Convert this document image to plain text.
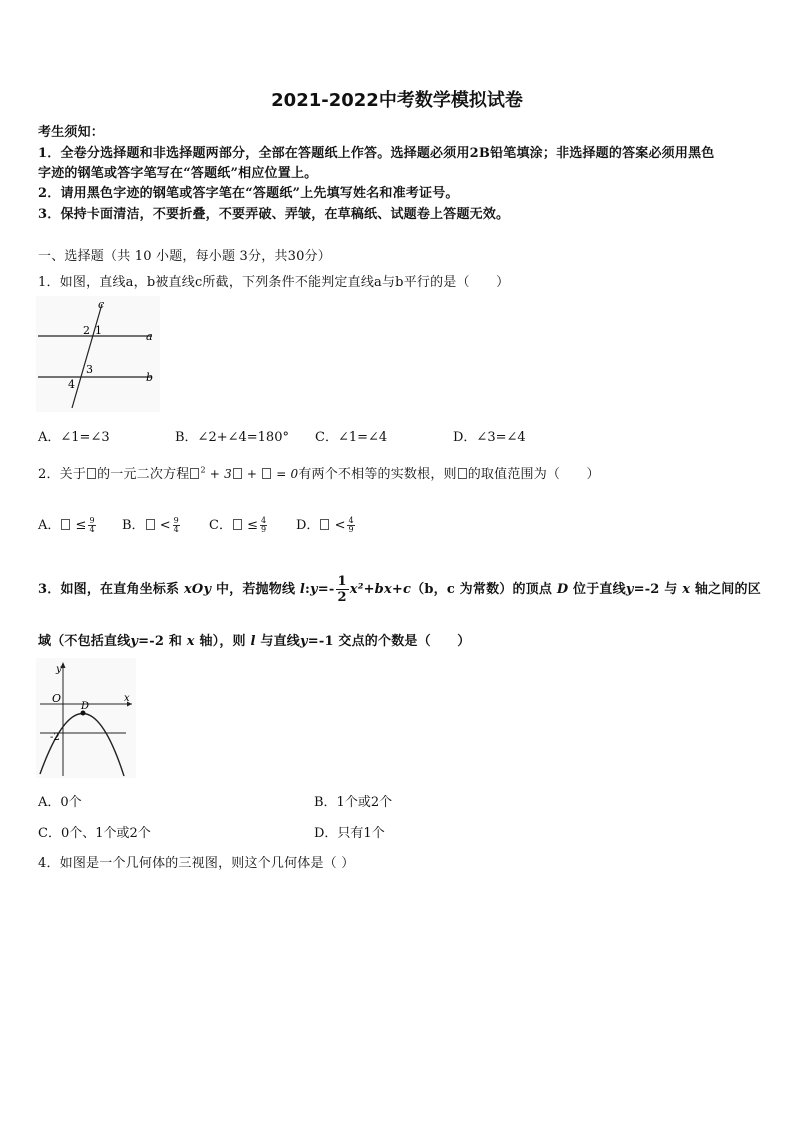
2021-2022中考数学模拟试卷
考生须知：
1．全卷分选择题和非选择题两部分，全部在答题纸上作答。选择题必须用2B铅笔填涂；非选择题的答案必须用黑色
字迹的钢笔或答字笔写在“答题纸”相应位置上。
2．请用黑色字迹的钢笔或答字笔在“答题纸”上先填写姓名和准考证号。
3．保持卡面清洁，不要折叠，不要弄破、弄皱，在草稿纸、试题卷上答题无效。
一、选择题（共 10 小题，每小题 3分，共30分）
1．如图，直线a，b被直线c所截，下列条件不能判定直线a与b平行的是（　　）
c
a
b
1
2
3
4
A．∠1=∠3	B．∠2+∠4=180° C．∠1=∠4	D．∠3=∠4
2．关于 的一元二次方程 $^2$ + 3 +  = 0有两个不相等的实数根，则 的取值范围为（　　）
A． ≤ $\frac{9}{4}$ B． < $\frac{9}{4}$ C． ≤ $\frac{4}{9}$ D． < $\frac{4}{9}$
3．如图，在直角坐标系 xOy 中，若抛物线 l:y=- $\frac{1}{2} x^2+bx+c(b$，c 为常数）的顶点 D 位于直线y=-2 与 x 轴之间的区
域（不包括直线y=-2 和 x 轴），则 l 与直线y=-1 交点的个数是（　　）
y
x
O
D
-2
A．0个	B．1个或2个
C．0个、1个或2个	D．只有1个
4．如图是一个几何体的三视图，则这个几何体是（ ）
